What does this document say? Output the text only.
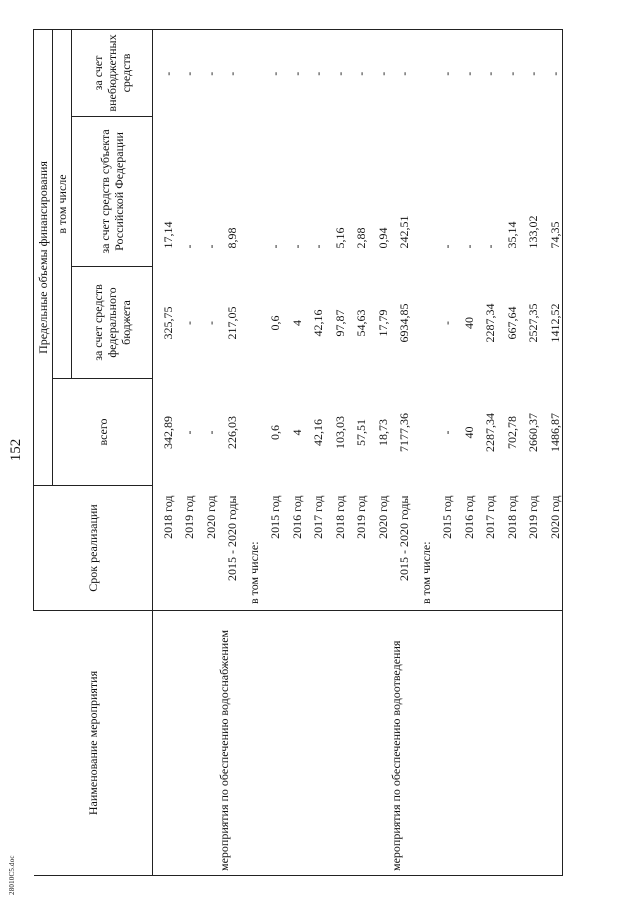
152
28010С5.doc
Наименование мероприятия	Срок реализации	Предельные объемы финансирования			
		всего	в том числе		
			за счет средств федерального бюджета	за счет средств субъекта Российской Федерации	за счет внебюджетных средств
	2018 год	342,89	325,75	17,14	-
	2019 год	-	-	-	-
	2020 год	-	-	-	-
мероприятия по обеспечению водоснабжением	2015 - 2020 годы	226,03	217,05	8,98	-
	в том числе:				
	2015 год	0,6	0,6	-	-
	2016 год	4	4	-	-
	2017 год	42,16	42,16	-	-
	2018 год	103,03	97,87	5,16	-
	2019 год	57,51	54,63	2,88	-
	2020 год	18,73	17,79	0,94	-
мероприятия по обеспечению водоотведения	2015 - 2020 годы	7177,36	6934,85	242,51	-
	в том числе:				
	2015 год	-	-	-	-
	2016 год	40	40	-	-
	2017 год	2287,34	2287,34	-	-
	2018 год	702,78	667,64	35,14	-
	2019 год	2660,37	2527,35	133,02	-
	2020 год	1486,87	1412,52	74,35	-
